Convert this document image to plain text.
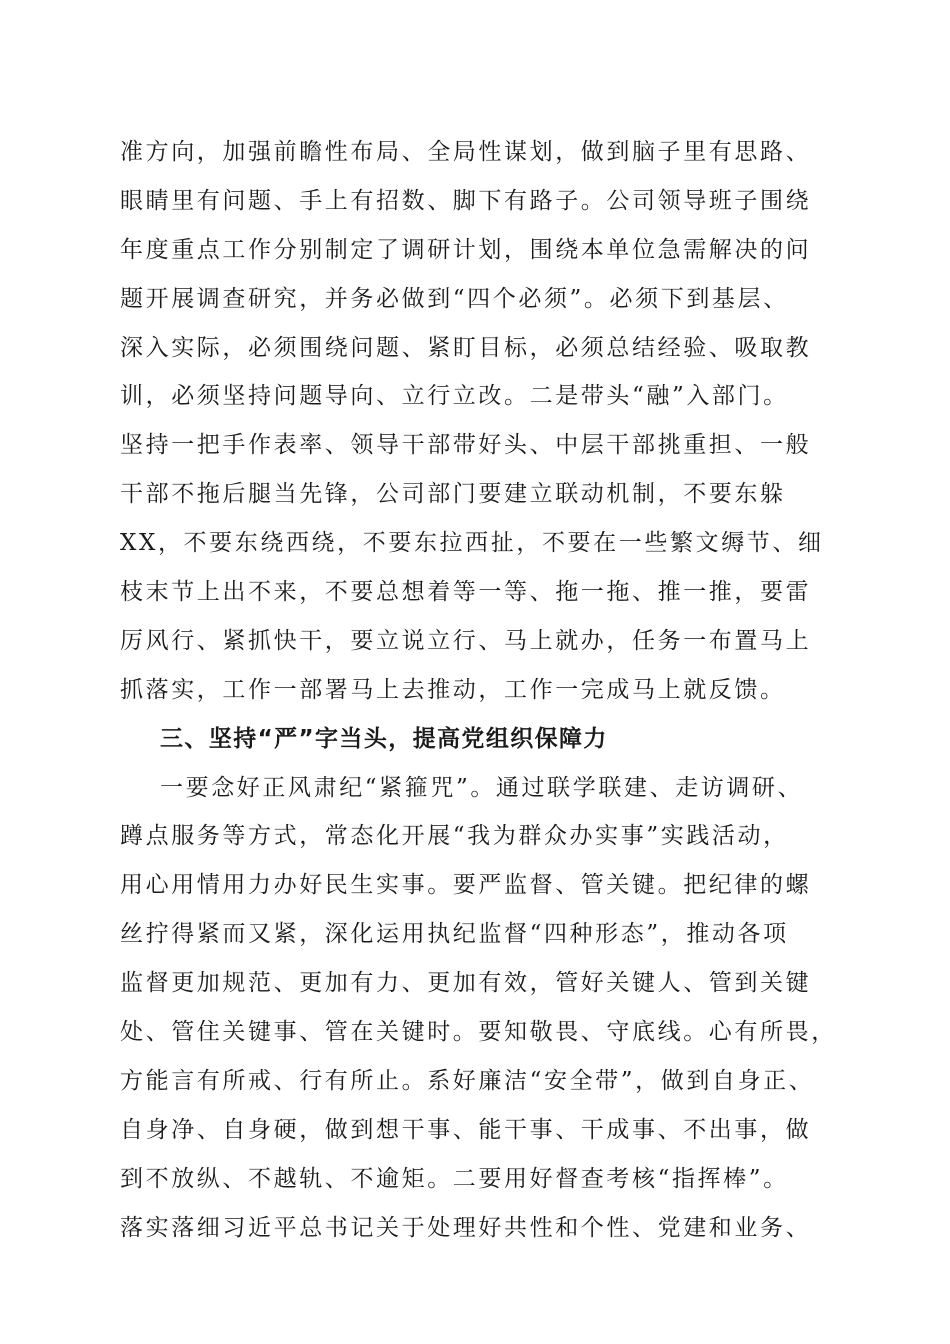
准方向，加强前瞻性布局、全局性谋划，做到脑子里有思路、
眼睛里有问题、手上有招数、脚下有路子。公司领导班子围绕
年度重点工作分别制定了调研计划，围绕本单位急需解决的问
题开展调查研究，并务必做到“四个必须”。必须下到基层、
深入实际，必须围绕问题、紧盯目标，必须总结经验、吸取教
训，必须坚持问题导向、立行立改。二是带头“融”入部门。
坚持一把手作表率、领导干部带好头、中层干部挑重担、一般
干部不拖后腿当先锋，公司部门要建立联动机制，不要东躲
XX，不要东绕西绕，不要东拉西扯，不要在一些繁文缛节、细
枝末节上出不来，不要总想着等一等、拖一拖、推一推，要雷
厉风行、紧抓快干，要立说立行、马上就办，任务一布置马上
抓落实，工作一部署马上去推动，工作一完成马上就反馈。
三、坚持“严”字当头，提高党组织保障力
一要念好正风肃纪“紧箍咒”。通过联学联建、走访调研、
蹲点服务等方式，常态化开展“我为群众办实事”实践活动，
用心用情用力办好民生实事。要严监督、管关键。把纪律的螺
丝拧得紧而又紧，深化运用执纪监督“四种形态”，推动各项
监督更加规范、更加有力、更加有效，管好关键人、管到关键
处、管住关键事、管在关键时。要知敬畏、守底线。心有所畏，
方能言有所戒、行有所止。系好廉洁“安全带”，做到自身正、
自身净、自身硬，做到想干事、能干事、干成事、不出事，做
到不放纵、不越轨、不逾矩。二要用好督查考核“指挥棒”。
落实落细习近平总书记关于处理好共性和个性、党建和业务、
